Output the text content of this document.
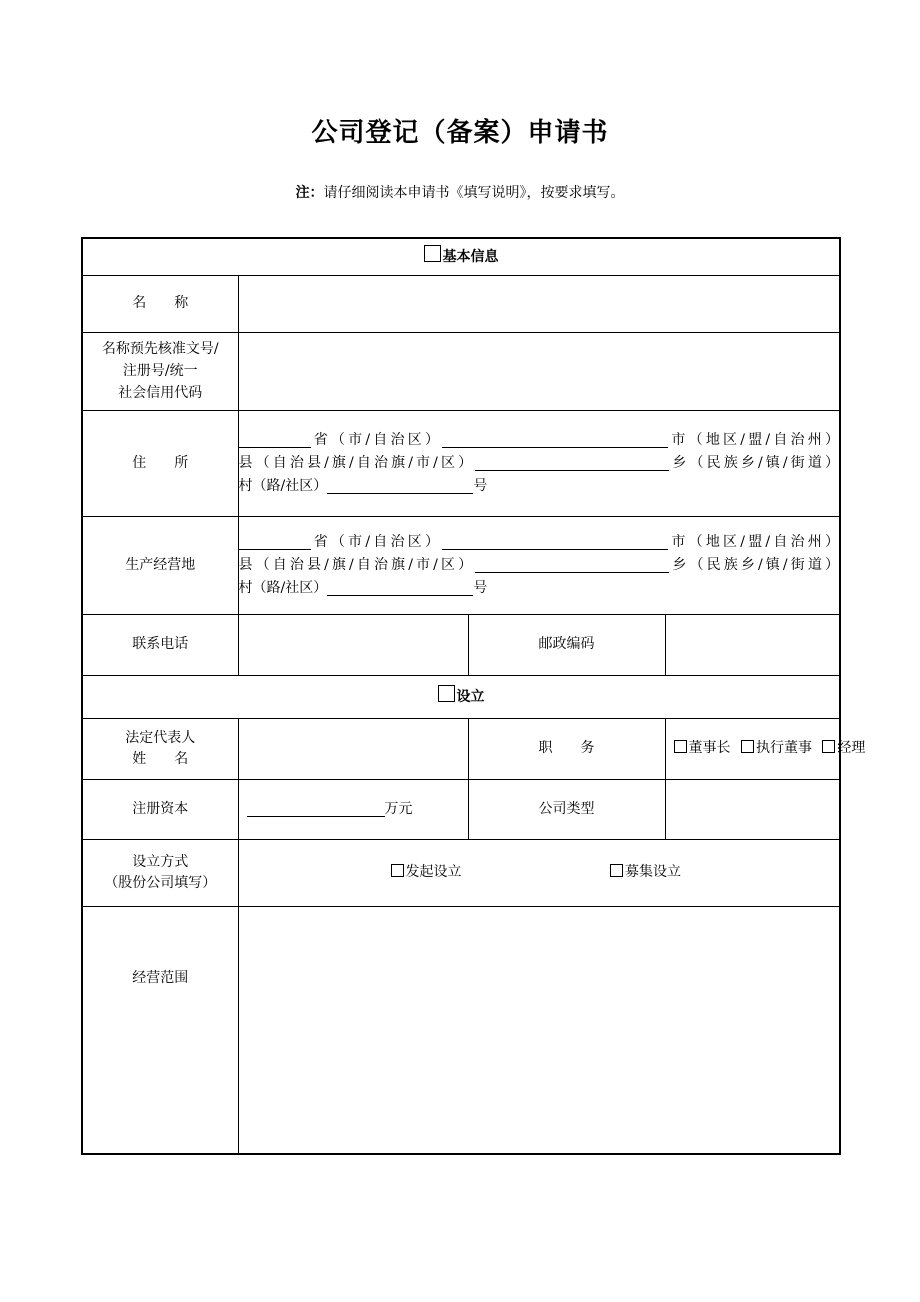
公司登记（备案）申请书
注：请仔细阅读本申请书《填写说明》，按要求填写。
基本信息			
名　　称			

名称预先核准文号/
注册号/统一
社会信用代码			

住　　所	省（市/自治区） 市（地区/盟/自治州）
县（自治县/旗/自治旗/市/区） 乡（民族乡/镇/街道）
村（路/社区） 号		

生产经营地	省（市/自治区） 市（地区/盟/自治州）
县（自治县/旗/自治旗/市/区） 乡（民族乡/镇/街道）
村（路/社区） 号		

联系电话		邮政编码	
设立			

法定代表人
姓　　名		职　　务	董事长 执行董事 经理
注册资本	万元	公司类型	

设立方式
（股份公司填写）	发起设立 募集设立		
经营范围			
